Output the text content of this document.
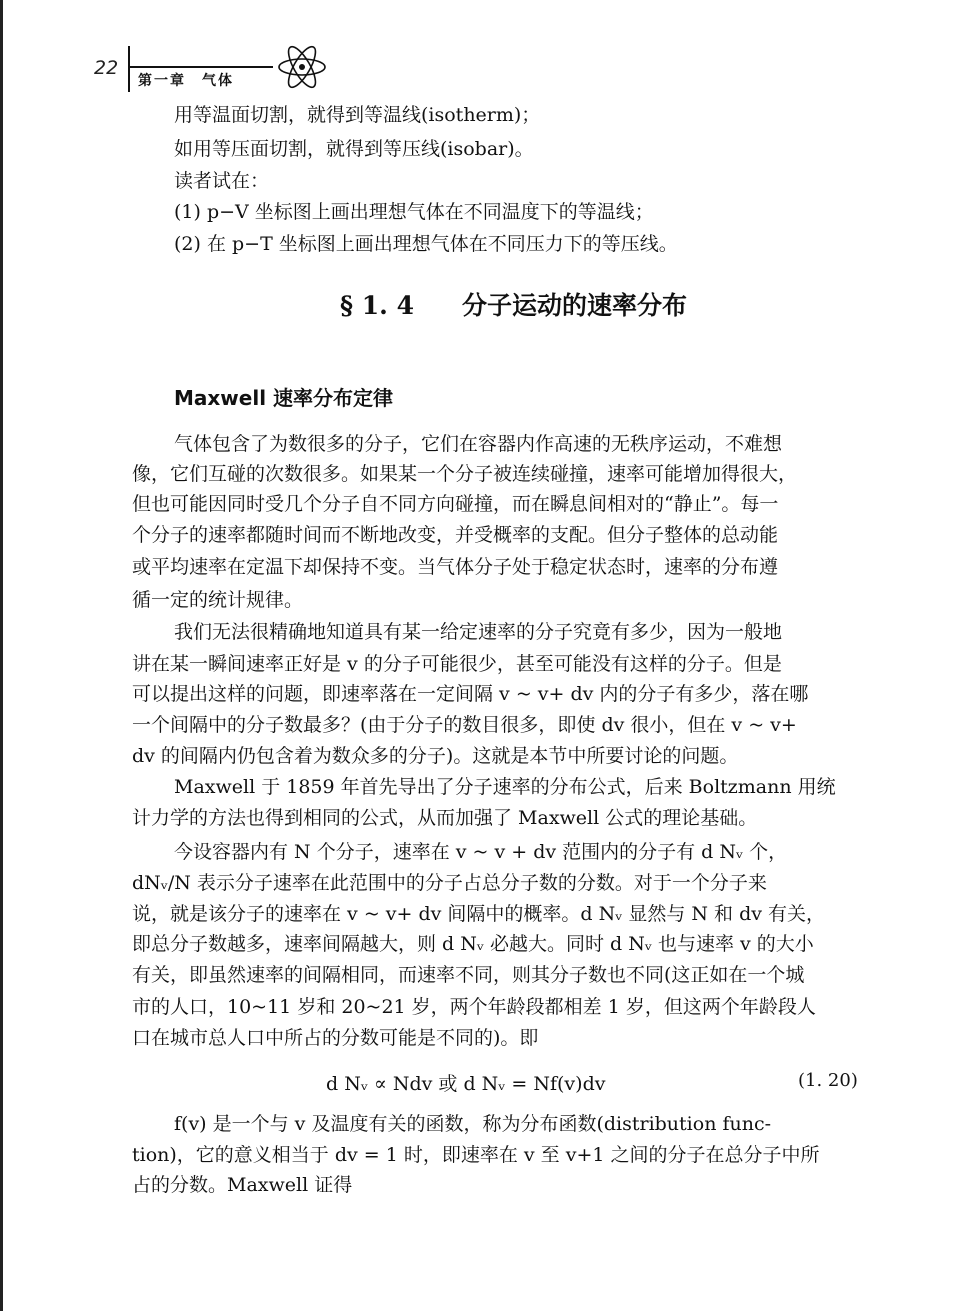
22
第一章　气体
用等温面切割，就得到等温线(isotherm)；
如用等压面切割，就得到等压线(isobar)。
读者试在：
(1) p−V 坐标图上画出理想气体在不同温度下的等温线；
(2) 在 p−T 坐标图上画出理想气体在不同压力下的等压线。
§ 1. 4 分子运动的速率分布
Maxwell 速率分布定律
气体包含了为数很多的分子，它们在容器内作高速的无秩序运动，不难想
像，它们互碰的次数很多。如果某一个分子被连续碰撞，速率可能增加得很大，
但也可能因同时受几个分子自不同方向碰撞，而在瞬息间相对的“静止”。每一
个分子的速率都随时间而不断地改变，并受概率的支配。但分子整体的总动能
或平均速率在定温下却保持不变。当气体分子处于稳定状态时，速率的分布遵
循一定的统计规律。
我们无法很精确地知道具有某一给定速率的分子究竟有多少，因为一般地
讲在某一瞬间速率正好是 v 的分子可能很少，甚至可能没有这样的分子。但是
可以提出这样的问题，即速率落在一定间隔 v ~ v+ dv 内的分子有多少，落在哪
一个间隔中的分子数最多？(由于分子的数目很多，即使 dv 很小，但在 v ~ v+
dv 的间隔内仍包含着为数众多的分子)。这就是本节中所要讨论的问题。
Maxwell 于 1859 年首先导出了分子速率的分布公式，后来 Boltzmann 用统
计力学的方法也得到相同的公式，从而加强了 Maxwell 公式的理论基础。
今设容器内有 N 个分子，速率在 v ~ v + dv 范围内的分子有 d Nᵥ 个，
dNᵥ/N 表示分子速率在此范围中的分子占总分子数的分数。对于一个分子来
说，就是该分子的速率在 v ~ v+ dv 间隔中的概率。d Nᵥ 显然与 N 和 dv 有关，
即总分子数越多，速率间隔越大，则 d Nᵥ 必越大。同时 d Nᵥ 也与速率 v 的大小
有关，即虽然速率的间隔相同，而速率不同，则其分子数也不同(这正如在一个城
市的人口，10~11 岁和 20~21 岁，两个年龄段都相差 1 岁，但这两个年龄段人
口在城市总人口中所占的分数可能是不同的)。即
d Nᵥ ∝ Ndv 或 d Nᵥ = Nf(v)dv	(1. 20)
f(v) 是一个与 v 及温度有关的函数，称为分布函数(distribution func-
tion)，它的意义相当于 dv = 1 时，即速率在 v 至 v+1 之间的分子在总分子中所
占的分数。Maxwell 证得
